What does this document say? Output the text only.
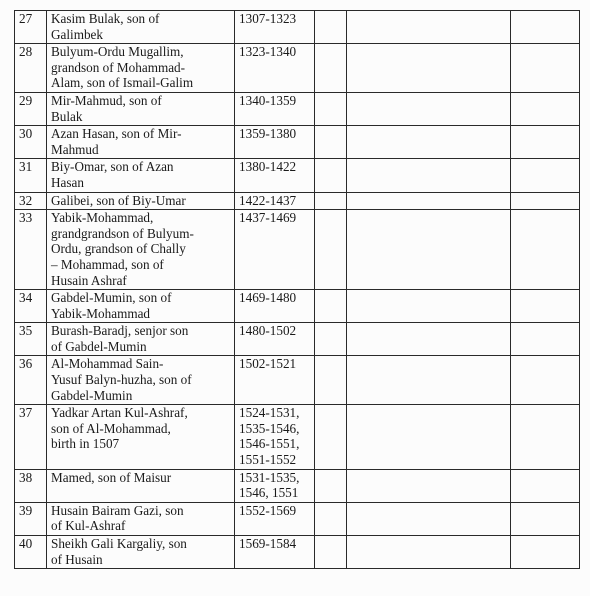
27	Kasim Bulak, son of
Galimbek	1307-1323			

28	Bulyum-Ordu Mugallim,
grandson of Mohammad-
Alam, son of Ismail-Galim	1323-1340			

29	Mir-Mahmud, son of
Bulak	1340-1359			

30	Azan Hasan, son of Mir-
Mahmud	1359-1380			

31	Biy-Omar, son of Azan
Hasan	1380-1422			

32	Galibei, son of Biy-Umar	1422-1437			

33	Yabik-Mohammad,
grandgrandson of Bulyum-
Ordu, grandson of Chally
– Mohammad, son of
Husain Ashraf	1437-1469			

34	Gabdel-Mumin, son of
Yabik-Mohammad	1469-1480			

35	Burash-Baradj, senjor son
of Gabdel-Mumin	1480-1502			

36	Al-Mohammad Sain-
Yusuf Balyn-huzha, son of
Gabdel-Mumin	1502-1521			

37	Yadkar Artan Kul-Ashraf,
son of Al-Mohammad,
birth in 1507	1524-1531,
1535-1546,
1546-1551,
1551-1552			

38	Mamed, son of Maisur	1531-1535,
1546, 1551			

39	Husain Bairam Gazi, son
of Kul-Ashraf	1552-1569			

40	Sheikh Gali Kargaliy, son
of Husain	1569-1584			
